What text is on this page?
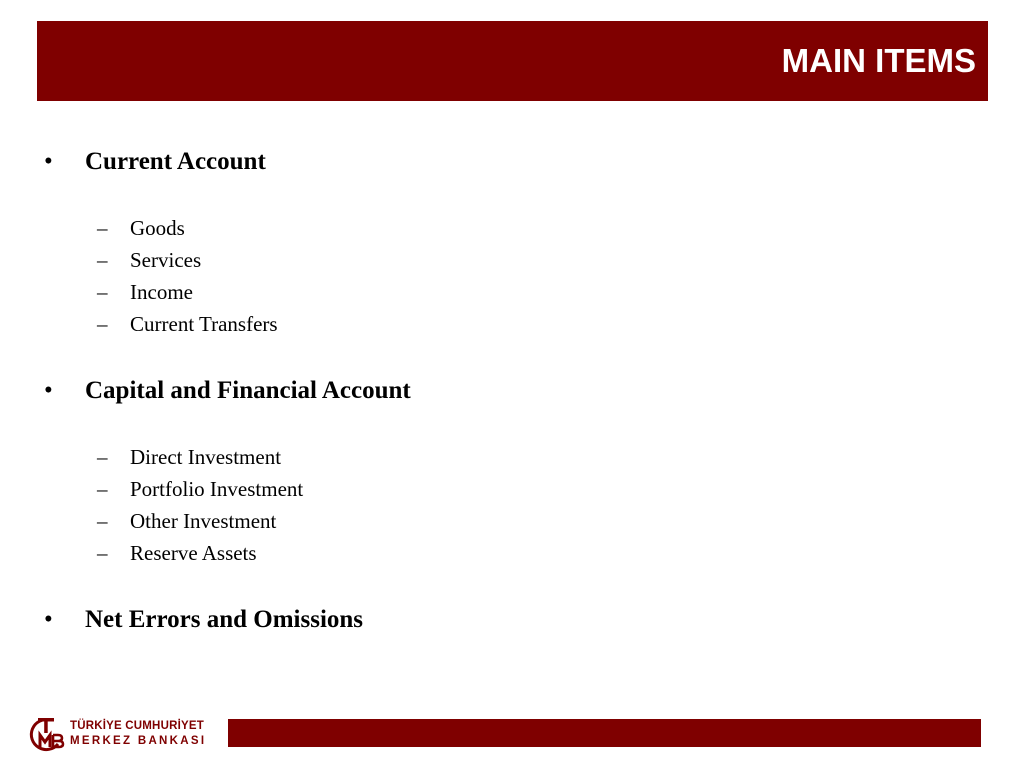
MAIN ITEMS
•	Current Account
– Goods
– Services
– Income
– Current Transfers
•	Capital and Financial Account
– Direct Investment
– Portfolio Investment
– Other Investment
– Reserve Assets
•	Net Errors and Omissions
TÜRKİYE CUMHURİYET
MERKEZ BANKASI
